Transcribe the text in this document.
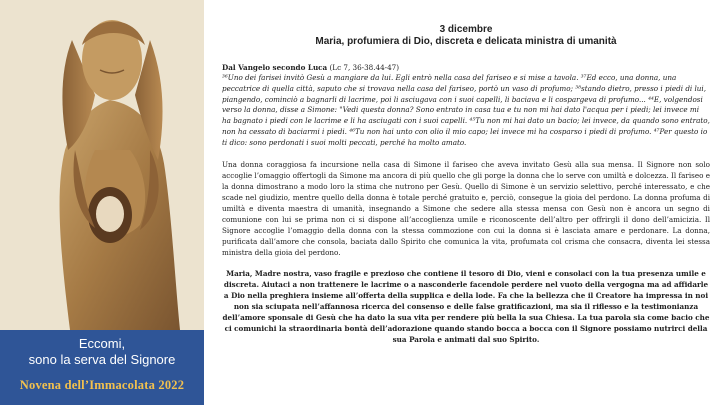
Eccomi,
sono la serva del Signore
Novena dell’Immacolata 2022
3 dicembre
Maria, profumiera di Dio, discreta e delicata ministra di umanità
Dal Vangelo secondo Luca (Lc 7, 36-38.44-47)
³⁶Uno dei farisei invitò Gesù a mangiare da lui. Egli entrò nella casa del fariseo e si mise a tavola. ³⁷Ed ecco, una donna, una peccatrice di quella città, saputo che si trovava nella casa del fariseo, portò un vaso di profumo; ³⁸stando dietro, presso i piedi di lui, piangendo, cominciò a bagnarli di lacrime, poi li asciugava con i suoi capelli, li baciava e li cospargeva di profumo... ⁴⁴E, volgendosi verso la donna, disse a Simone: "Vedi questa donna? Sono entrato in casa tua e tu non mi hai dato l'acqua per i piedi; lei invece mi ha bagnato i piedi con le lacrime e li ha asciugati con i suoi capelli. ⁴⁵Tu non mi hai dato un bacio; lei invece, da quando sono entrato, non ha cessato di baciarmi i piedi. ⁴⁶Tu non hai unto con olio il mio capo; lei invece mi ha cosparso i piedi di profumo. ⁴⁷Per questo io ti dico: sono perdonati i suoi molti peccati, perché ha molto amato.
Una donna coraggiosa fa incursione nella casa di Simone il fariseo che aveva invitato Gesù alla sua mensa. Il Signore non solo accoglie l’omaggio offertogli da Simone ma ancora di più quello che gli porge la donna che lo serve con umiltà e dolcezza. Il fariseo e la donna dimostrano a modo loro la stima che nutrono per Gesù. Quello di Simone è un servizio selettivo, perché interessato, e che scade nel giudizio, mentre quello della donna è totale perché gratuito e, perciò, consegue la gioia del perdono. La donna profuma di umiltà e diventa maestra di umanità, insegnando a Simone che sedere alla stessa mensa con Gesù non è ancora un segno di comunione con lui se prima non ci si dispone all’accoglienza umile e riconoscente dell’altro per offrirgli il dono dell’amicizia. Il Signore accoglie l’omaggio della donna con la stessa commozione con cui la donna si è lasciata amare e perdonare. La donna, purificata dall’amore che consola, baciata dallo Spirito che comunica la vita, profumata col crisma che consacra, diventa lei stessa ministra della gioia del perdono.
Maria, Madre nostra, vaso fragile e prezioso che contiene il tesoro di Dio, vieni e consolaci con la tua presenza umile e discreta. Aiutaci a non trattenere le lacrime o a nasconderle facendole perdere nel vuoto della vergogna ma ad affidarle a Dio nella preghiera insieme all’offerta della supplica e della lode. Fa che la bellezza che il Creatore ha impressa in noi non sia sciupata nell’affannosa ricerca del consenso e delle false gratificazioni, ma sia il riflesso e la testimonianza dell’amore sponsale di Gesù che ha dato la sua vita per rendere più bella la sua Chiesa. La tua parola sia come bacio che ci comunichi la straordinaria bontà dell’adorazione quando stando bocca a bocca con il Signore possiamo nutrirci della sua Parola e animati dal suo Spirito.
